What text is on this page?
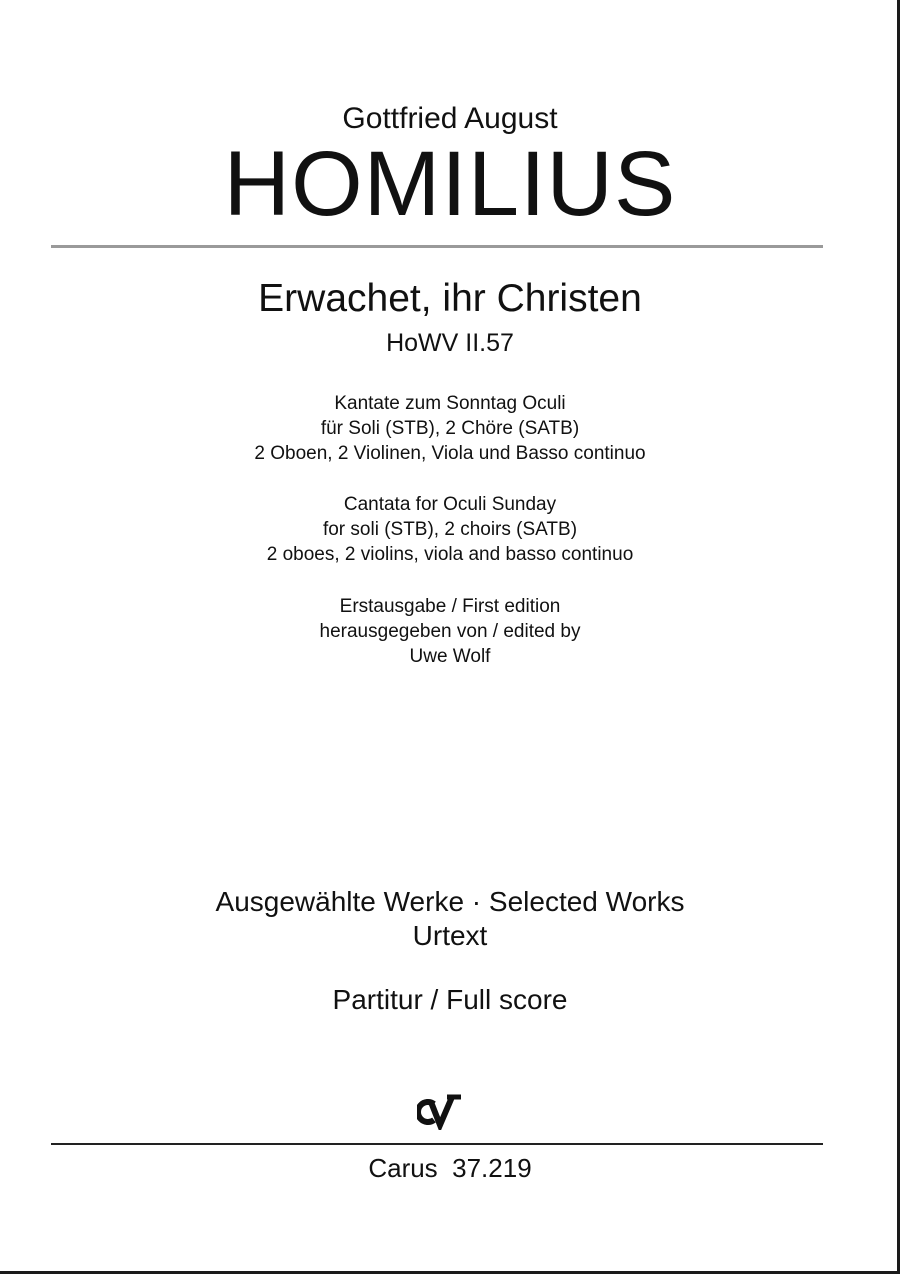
Gottfried August
HOMILIUS
Erwachet, ihr Christen
HoWV II.57
Kantate zum Sonntag Oculi
für Soli (STB), 2 Chöre (SATB)
2 Oboen, 2 Violinen, Viola und Basso continuo
Cantata for Oculi Sunday
for soli (STB), 2 choirs (SATB)
2 oboes, 2 violins, viola and basso continuo
Erstausgabe / First edition
herausgegeben von / edited by
Uwe Wolf
Ausgewählte Werke · Selected Works
Urtext
Partitur / Full score
Carus  37.219
